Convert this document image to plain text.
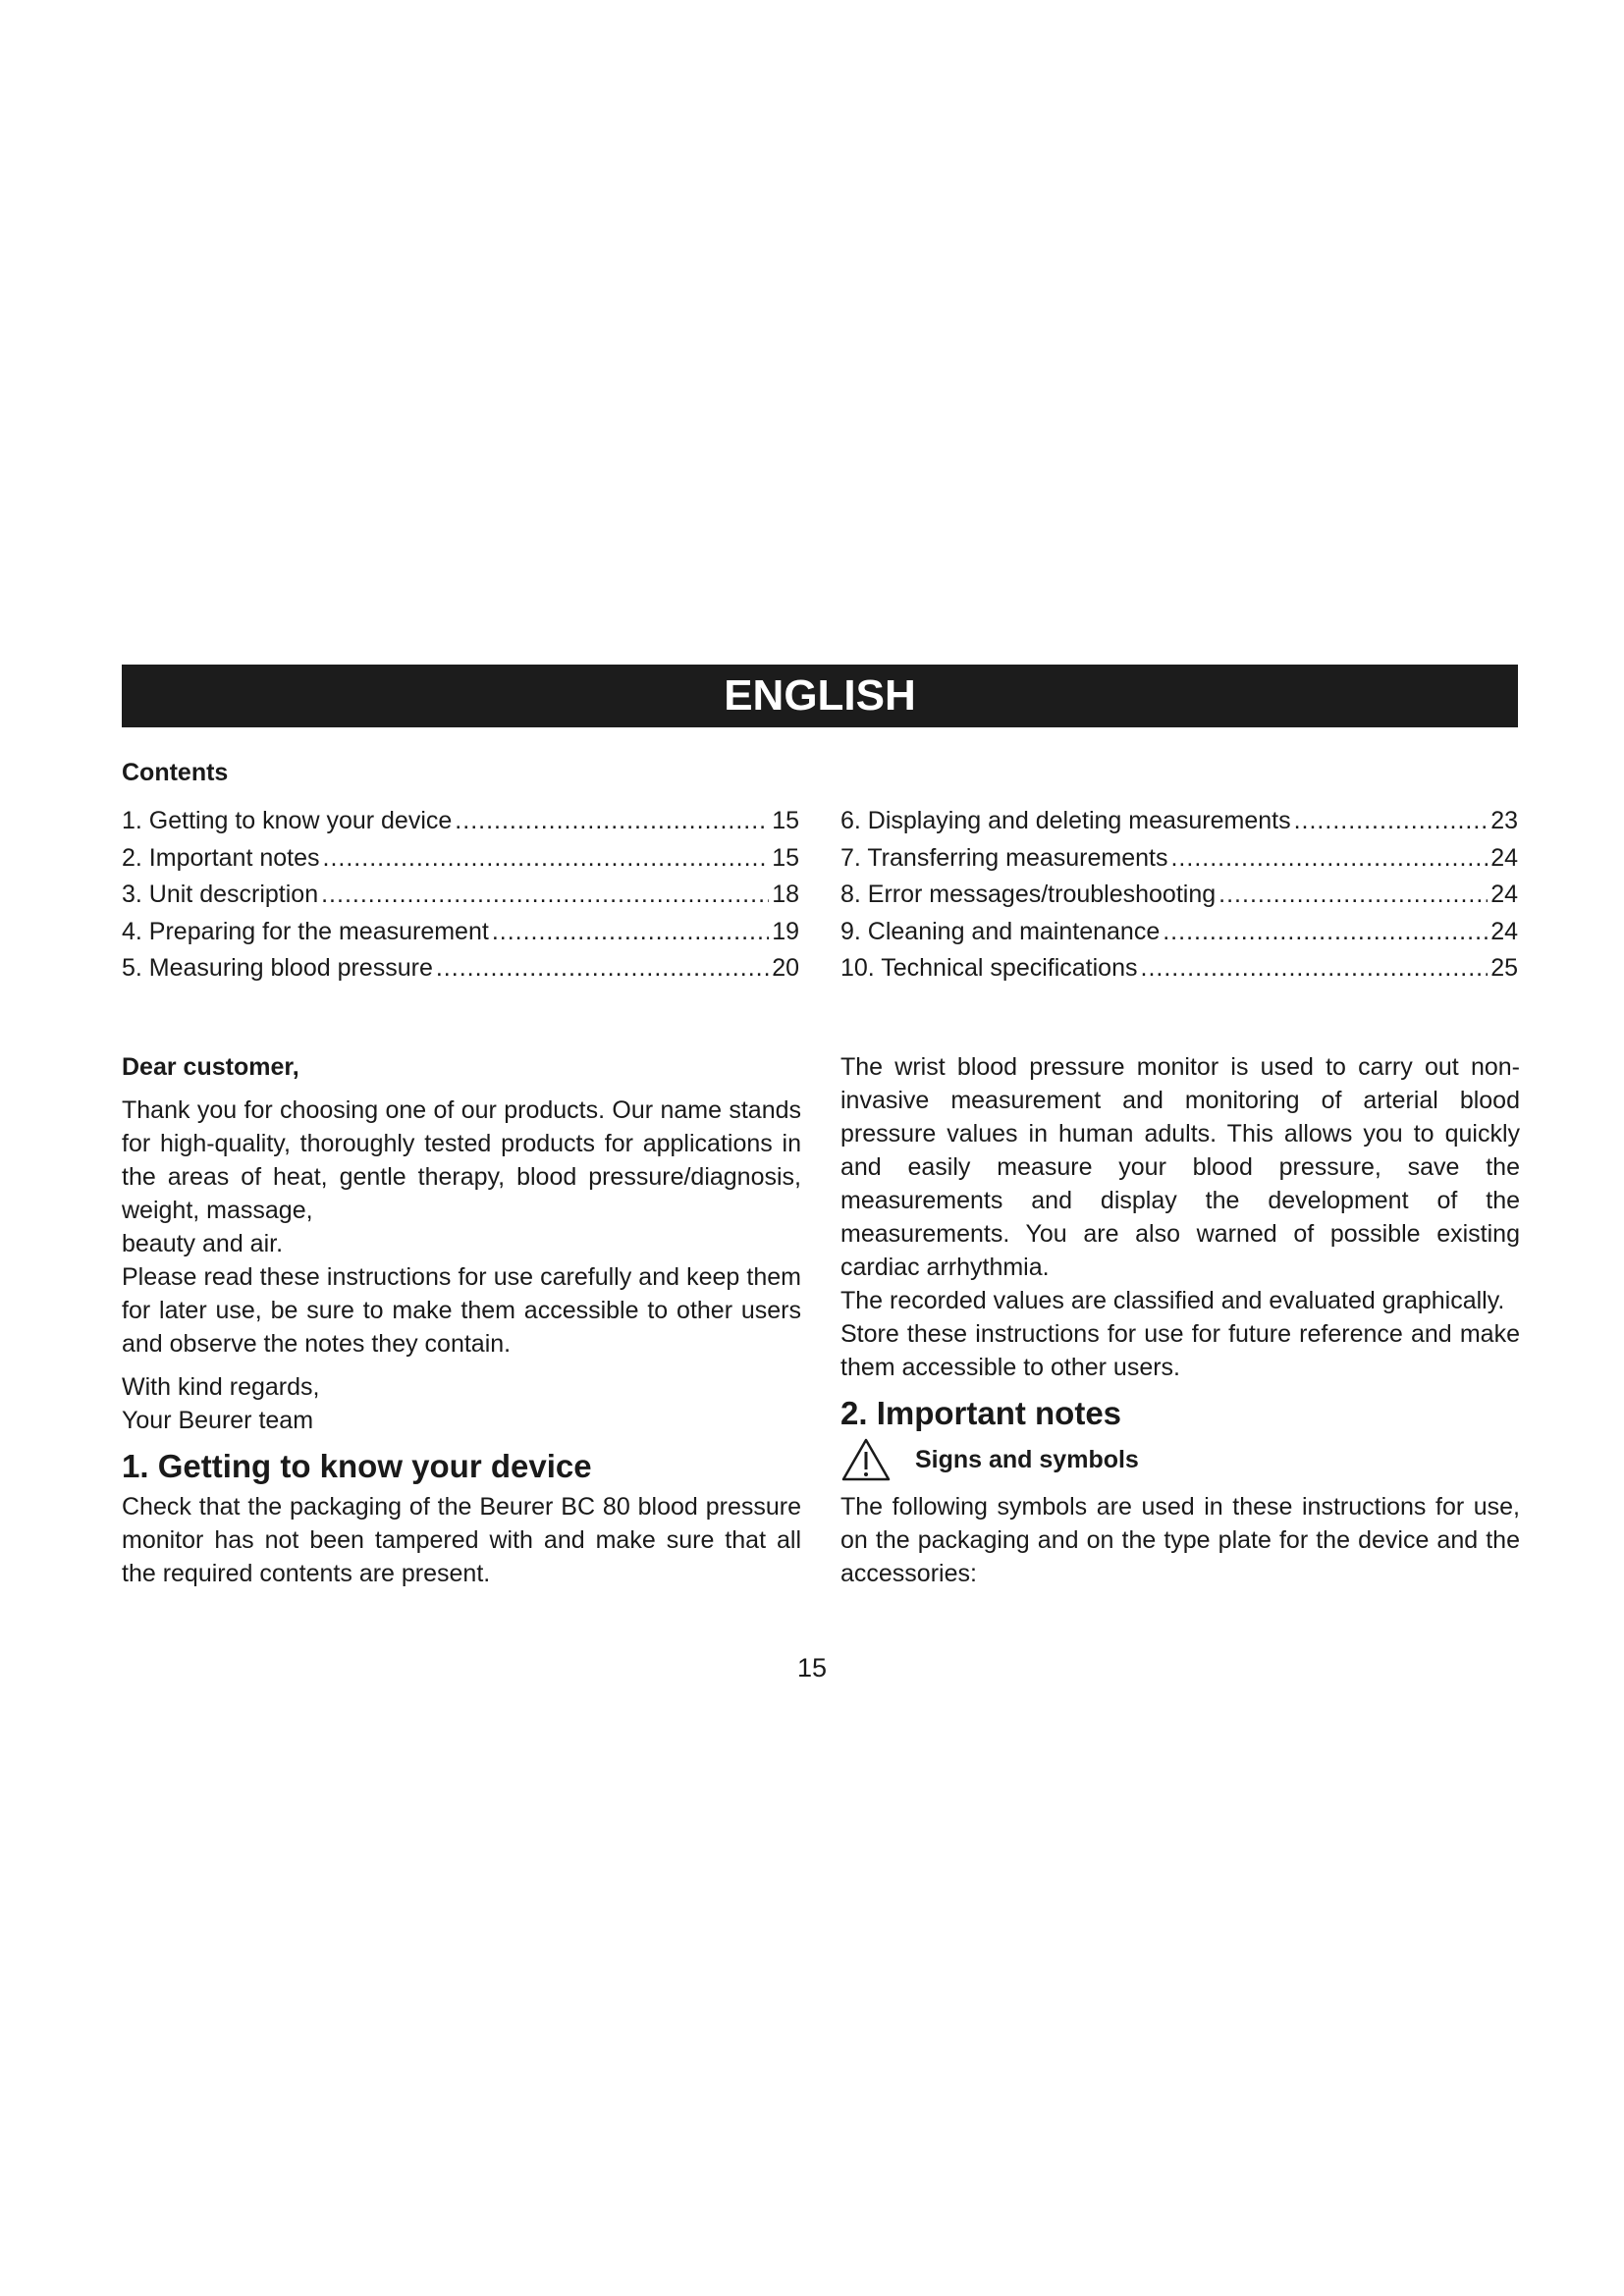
ENGLISH
Contents
1. Getting to know your device .....	15
2. Important notes .....	15
3. Unit description .....	18
4. Preparing for the measurement .....	19
5. Measuring blood pressure .....	20
6. Displaying and deleting measurements .....	23
7. Transferring measurements .....	24
8. Error messages/troubleshooting .....	24
9. Cleaning and maintenance .....	24
10. Technical specifications .....	25

Dear customer,

Thank you for choosing one of our products. Our name stands for high-quality, thoroughly tested products for applications in the areas of heat, gentle therapy, blood pressure/diagnosis, weight, massage,

beauty and air.

Please read these instructions for use carefully and keep them for later use, be sure to make them accessible to other users and observe the notes they contain.

With kind regards,

Your Beurer team

1. Getting to know your device

Check that the packaging of the Beurer BC 80 blood pressure monitor has not been tampered with and make sure that all the required contents are present.

The wrist blood pressure monitor is used to carry out non-invasive measurement and monitoring of arterial blood pressure values in human adults. This allows you to quickly and easily measure your blood pressure, save the measurements and display the development of the measurements. You are also warned of possible existing cardiac arrhythmia.

The recorded values are classified and evaluated graphically.

Store these instructions for use for future reference and make them accessible to other users.

2. Important notes
Signs and symbols

The following symbols are used in these instructions for use, on the packaging and on the type plate for the device and the accessories:

15
